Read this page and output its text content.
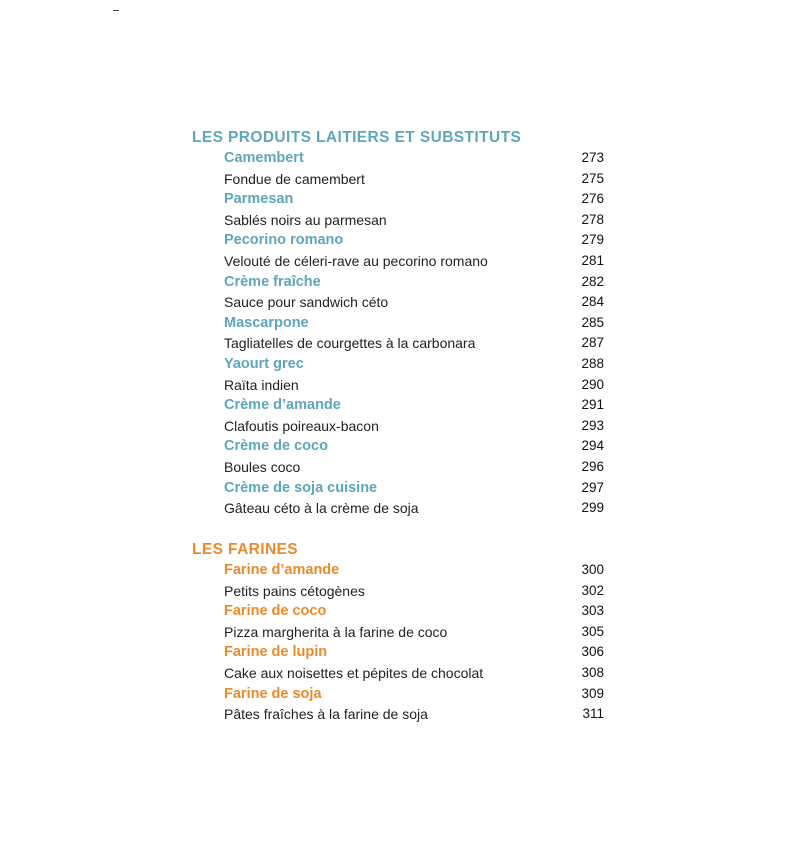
LES PRODUITS LAITIERS ET SUBSTITUTS
Camembert	273
Fondue de camembert	275
Parmesan	276
Sablés noirs au parmesan	278
Pecorino romano	279
Velouté de céleri-rave au pecorino romano	281
Crème fraîche	282
Sauce pour sandwich céto	284
Mascarpone	285
Tagliatelles de courgettes à la carbonara	287
Yaourt grec	288
Raïta indien	290
Crème d’amande	291
Clafoutis poireaux-bacon	293
Crème de coco	294
Boules coco	296
Crème de soja cuisine	297
Gâteau céto à la crème de soja	299
LES FARINES
Farine d’amande	300
Petits pains cétogènes	302
Farine de coco	303
Pizza margherita à la farine de coco	305
Farine de lupin	306
Cake aux noisettes et pépites de chocolat	308
Farine de soja	309
Pâtes fraîches à la farine de soja	311
